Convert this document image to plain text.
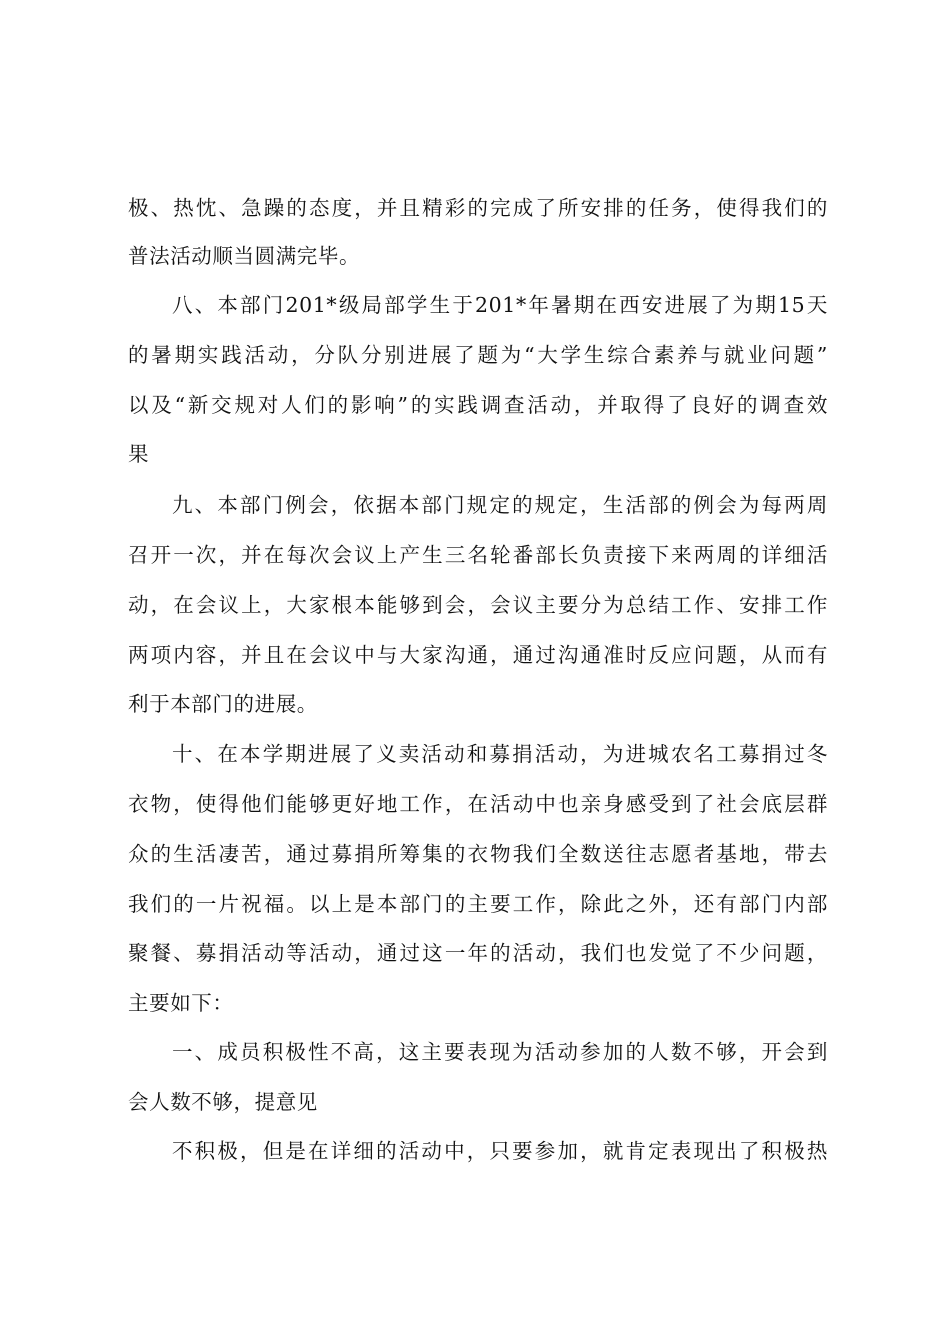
极、热忱、急躁的态度，并且精彩的完成了所安排的任务，使得我们的
普法活动顺当圆满完毕。
八、本部门201*级局部学生于201*年暑期在西安进展了为期15天
的暑期实践活动，分队分别进展了题为“大学生综合素养与就业问题”
以及“新交规对人们的影响”的实践调查活动，并取得了良好的调查效
果
九、本部门例会，依据本部门规定的规定，生活部的例会为每两周
召开一次，并在每次会议上产生三名轮番部长负责接下来两周的详细活
动，在会议上，大家根本能够到会，会议主要分为总结工作、安排工作
两项内容，并且在会议中与大家沟通，通过沟通准时反应问题，从而有
利于本部门的进展。
十、在本学期进展了义卖活动和募捐活动，为进城农名工募捐过冬
衣物，使得他们能够更好地工作，在活动中也亲身感受到了社会底层群
众的生活凄苦，通过募捐所筹集的衣物我们全数送往志愿者基地，带去
我们的一片祝福。以上是本部门的主要工作，除此之外，还有部门内部
聚餐、募捐活动等活动，通过这一年的活动，我们也发觉了不少问题，
主要如下：
一、成员积极性不高，这主要表现为活动参加的人数不够，开会到
会人数不够，提意见
不积极，但是在详细的活动中，只要参加，就肯定表现出了积极热
